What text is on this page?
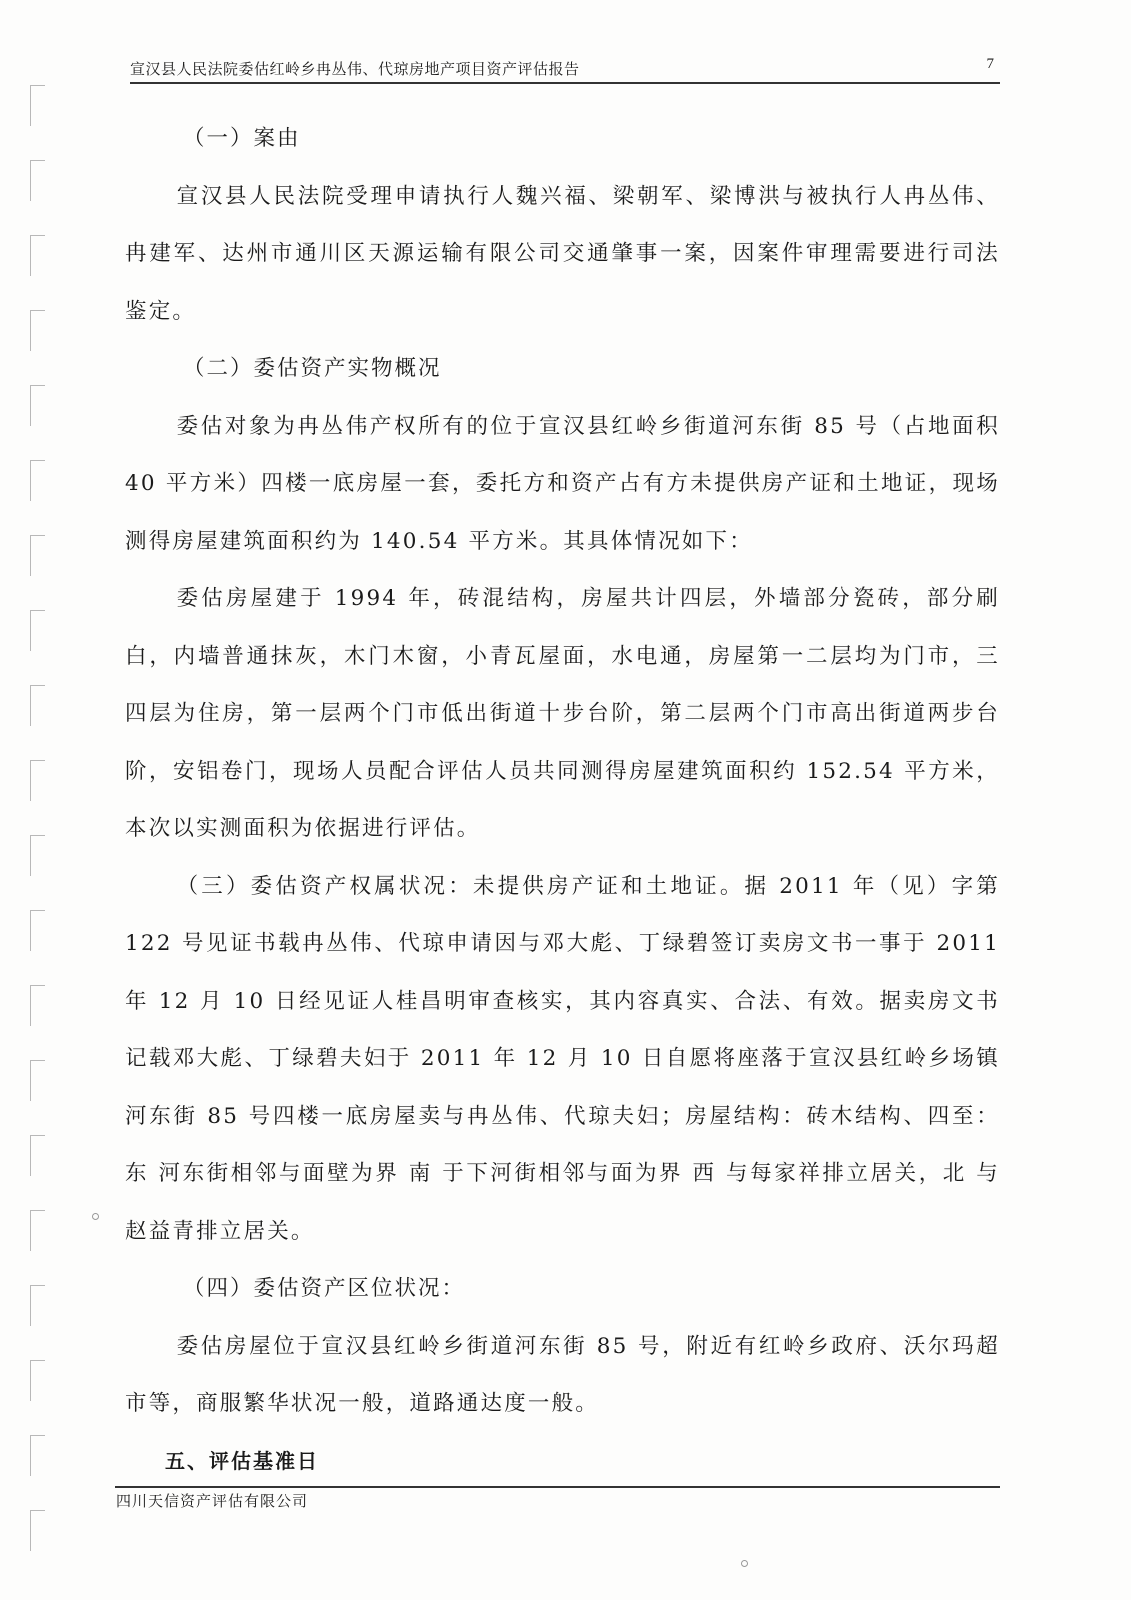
宣汉县人民法院委估红岭乡冉丛伟、代琼房地产项目资产评估报告	7

（一）案由

宣汉县人民法院受理申请执行人魏兴福、梁朝军、梁博洪与被执行人冉丛伟、冉建军、达州市通川区天源运输有限公司交通肇事一案，因案件审理需要进行司法鉴定。

（二）委估资产实物概况

委估对象为冉丛伟产权所有的位于宣汉县红岭乡街道河东街 85 号（占地面积 40 平方米）四楼一底房屋一套，委托方和资产占有方未提供房产证和土地证，现场测得房屋建筑面积约为 140.54 平方米。其具体情况如下：

委估房屋建于 1994 年，砖混结构，房屋共计四层，外墙部分瓷砖，部分刷白，内墙普通抹灰，木门木窗，小青瓦屋面，水电通，房屋第一二层均为门市，三四层为住房，第一层两个门市低出街道十步台阶，第二层两个门市高出街道两步台阶，安铝卷门，现场人员配合评估人员共同测得房屋建筑面积约 152.54 平方米，本次以实测面积为依据进行评估。

（三）委估资产权属状况：未提供房产证和土地证。据 2011 年（见）字第 122 号见证书载冉丛伟、代琼申请因与邓大彪、丁绿碧签订卖房文书一事于 2011 年 12 月 10 日经见证人桂昌明审查核实，其内容真实、合法、有效。据卖房文书记载邓大彪、丁绿碧夫妇于 2011 年 12 月 10 日自愿将座落于宣汉县红岭乡场镇河东街 85 号四楼一底房屋卖与冉丛伟、代琼夫妇；房屋结构：砖木结构、四至：东 河东街相邻与面壁为界 南 于下河街相邻与面为界 西 与每家祥排立居关，北 与赵益青排立居关。

（四）委估资产区位状况：

委估房屋位于宣汉县红岭乡街道河东街 85 号，附近有红岭乡政府、沃尔玛超市等，商服繁华状况一般，道路通达度一般。

五、评估基准日

四川天信资产评估有限公司
